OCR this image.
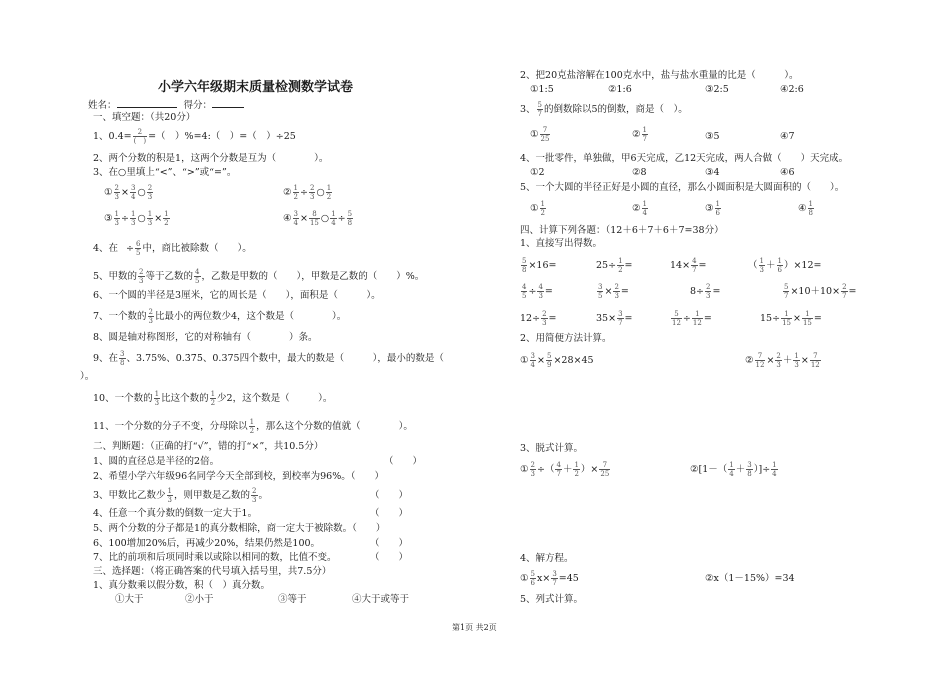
小学六年级期末质量检测数学试卷
姓名：	得分：
一、填空题：（共20分）
1、$0.4= \frac{2}{( )}$ =（　）%=4:（　）=（　）÷25
2、两个分数的积是1，这两个分数是互为（　　　　）。
3、在○里填上“<”、“>”或“=”。
① $\frac{2}{3} \times \frac{3}{4}$ ○ $\frac{2}{3}$	② $\frac{1}{2} \div \frac{2}{3}$ ○ $\frac{1}{2}$
③ $\frac{1}{3} \div \frac{1}{3}$ ○ $\frac{1}{3} \times \frac{1}{2}$	④ $\frac{3}{4} \times \frac{8}{15}$ ○ $\frac{1}{4} \div \frac{5}{8}$
4、在 ÷ $\frac{6}{5}$ 中，商比被除数（　　）。
5、甲数的 $\frac{2}{3}$ 等于乙数的 $\frac{4}{5}$ ，乙数是甲数的（　　），甲数是乙数的（　　）%。
6、一个圆的半径是3厘米，它的周长是（　　），面积是（　　　）。
7、一个数的 $\frac{2}{3}$ 比最小的两位数少4，这个数是（　　　　）。
8、圆是轴对称图形，它的对称轴有（　　　　）条。
9、在 $\frac{3}{8}$ 、3.75%、0.3̇7̇5̇、0.375四个数中，最大的数是（　　　），最小的数是（
）。
10、一个数的 $\frac{1}{3}$ 比这个数的 $\frac{1}{2}$ 少2，这个数是（　　　）。
11、一个分数的分子不变，分母除以 $\frac{1}{2}$ ，那么这个分数的值就（　　　　）。
二、判断题：（正确的打“√”，错的打“×”，共10.5分）
1、圆的直径总是半径的2倍。	（　　）
2、希望小学六年级96名同学今天全部到校，到校率为96%。（　　）
3、甲数比乙数少 $\frac{1}{3}$ ，则甲数是乙数的 $\frac{2}{3}$ 。	（　　）
4、任意一个真分数的倒数一定大于1。	（　　）
5、两个分数的分子都是1的真分数相除，商一定大于被除数。（　　）
6、100增加20%后，再减少20%，结果仍然是100。	（　　）
7、比的前项和后项同时乘以或除以相同的数，比值不变。	（　　）
三、选择题：（将正确答案的代号填入括号里，共7.5分）
1、真分数乘以假分数，积（　）真分数。
①大于	②小于	③等于	④大于或等于
2、把20克盐溶解在100克水中，盐与盐水重量的比是（　　　）。
①1:5	②1:6	③2:5	④2:6
3、 $\frac{5}{7}$ 的倒数除以5的倒数，商是（　）。
① $\frac{7}{25}$	② $\frac{1}{7}$	③5	④7
4、一批零件，单独做，甲6天完成，乙12天完成，两人合做（　　）天完成。
①2	②8	③4	④6
5、一个大圆的半径正好是小圆的直径，那么小圆面积是大圆面积的（　　）。
① $\frac{1}{2}$	② $\frac{1}{4}$	③ $\frac{1}{6}$	④ $\frac{1}{8}$
四、计算下列各题：（12＋6＋7＋6＋7=38分）
1、直接写出得数。
$\frac{5}{8} \times 16=$	$25\div \frac{1}{2}$ =	$14\times \frac{4}{7}$ =	（ $\frac{1}{3} + \frac{1}{6} )\times 12=$
$\frac{4}{5} \div \frac{4}{3}$ =	$\frac{3}{5} \times \frac{2}{3}$ =	$8\div \frac{2}{3}$ =	$\frac{5}{7} \times 10+10\times \frac{2}{7}$ =
$12\div \frac{2}{3}$ =	$35\times \frac{3}{7}$ =	$\frac{5}{12} \div \frac{1}{12}$ =	$15\div \frac{1}{15} \times \frac{1}{15}$ =
2、用简便方法计算。
① $\frac{3}{4} \times \frac{5}{9} \times 28\times 45$	② $\frac{7}{12} \times \frac{2}{3} + \frac{1}{3} \times \frac{7}{12}$
3、脱式计算。
① $\frac{2}{3}$ ÷（ $\frac{4}{7} + \frac{1}{2}$ ）× $\frac{7}{25}$	②[1－（ $\frac{1}{4} + \frac{3}{8}$ ）]÷ $\frac{1}{4}$
4、解方程。
① $\frac{5}{6} x\times \frac{3}{7} =45$	②x（1－15%）=34
5、列式计算。
第1页 共2页
